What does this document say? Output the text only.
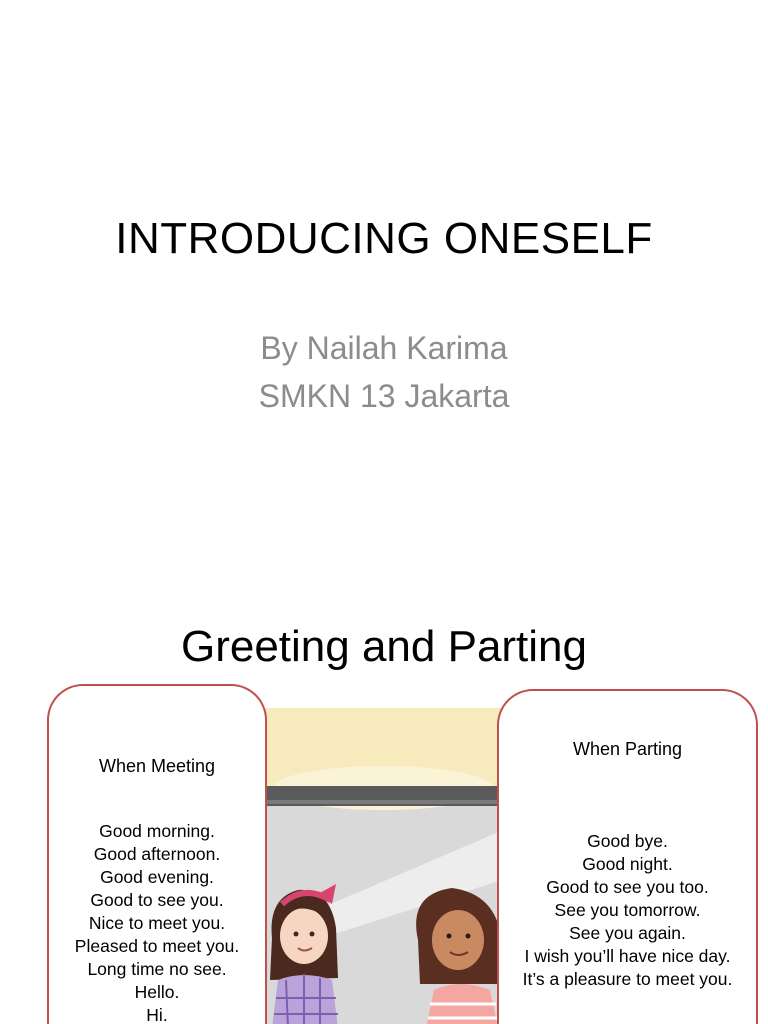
INTRODUCING ONESELF
By Nailah Karima
SMKN 13 Jakarta
Greeting and Parting
When Meeting
Good morning.
Good afternoon.
Good evening.
Good to see you.
Nice to meet you.
Pleased to meet you.
Long time no see.
Hello.
Hi.
When Parting
Good bye.
Good night.
Good to see you too.
See you tomorrow.
See you again.
I wish you’ll have nice day.
It’s a pleasure to meet you.
